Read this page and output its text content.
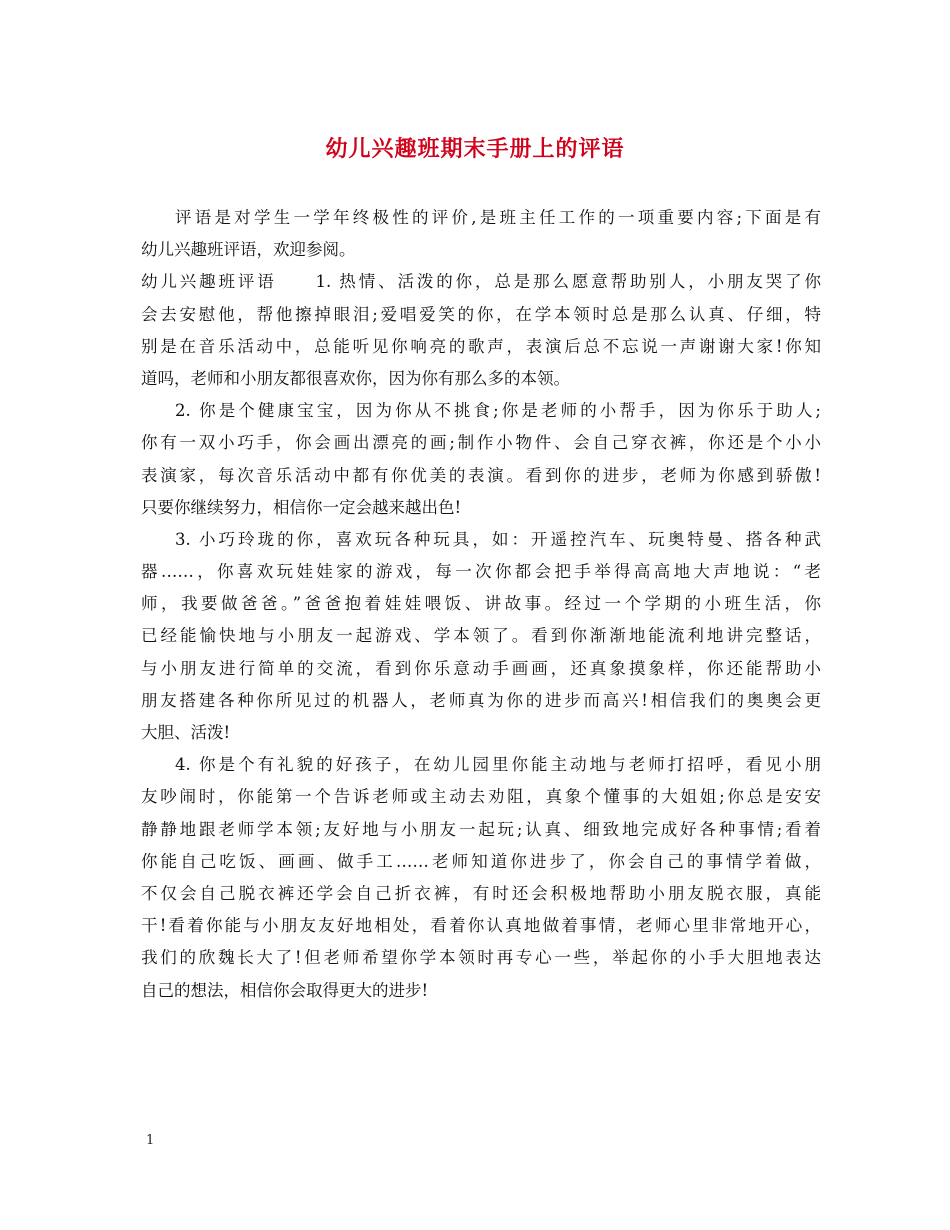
幼儿兴趣班期末手册上的评语
评语是对学生一学年终极性的评价,是班主任工作的一项重要内容;下面是有
幼儿兴趣班评语，欢迎参阅。
幼儿兴趣班评语　　1. 热情、活泼的你，总是那么愿意帮助别人，小朋友哭了你
会去安慰他，帮他擦掉眼泪;爱唱爱笑的你，在学本领时总是那么认真、仔细，特
别是在音乐活动中，总能听见你响亮的歌声，表演后总不忘说一声谢谢大家!你知
道吗，老师和小朋友都很喜欢你，因为你有那么多的本领。
2. 你是个健康宝宝，因为你从不挑食;你是老师的小帮手，因为你乐于助人;
你有一双小巧手，你会画出漂亮的画;制作小物件、会自己穿衣裤，你还是个小小
表演家，每次音乐活动中都有你优美的表演。看到你的进步，老师为你感到骄傲!
只要你继续努力，相信你一定会越来越出色!
3. 小巧玲珑的你，喜欢玩各种玩具，如：开遥控汽车、玩奥特曼、搭各种武
器……，你喜欢玩娃娃家的游戏，每一次你都会把手举得高高地大声地说：“老
师，我要做爸爸。”爸爸抱着娃娃喂饭、讲故事。经过一个学期的小班生活，你
已经能愉快地与小朋友一起游戏、学本领了。看到你渐渐地能流利地讲完整话，
与小朋友进行简单的交流，看到你乐意动手画画，还真象摸象样，你还能帮助小
朋友搭建各种你所见过的机器人，老师真为你的进步而高兴!相信我们的奥奥会更
大胆、活泼!
4. 你是个有礼貌的好孩子，在幼儿园里你能主动地与老师打招呼，看见小朋
友吵闹时，你能第一个告诉老师或主动去劝阻，真象个懂事的大姐姐;你总是安安
静静地跟老师学本领;友好地与小朋友一起玩;认真、细致地完成好各种事情;看着
你能自己吃饭、画画、做手工……老师知道你进步了，你会自己的事情学着做，
不仅会自己脱衣裤还学会自己折衣裤，有时还会积极地帮助小朋友脱衣服，真能
干!看着你能与小朋友友好地相处，看着你认真地做着事情，老师心里非常地开心，
我们的欣魏长大了!但老师希望你学本领时再专心一些，举起你的小手大胆地表达
自己的想法，相信你会取得更大的进步!
1
